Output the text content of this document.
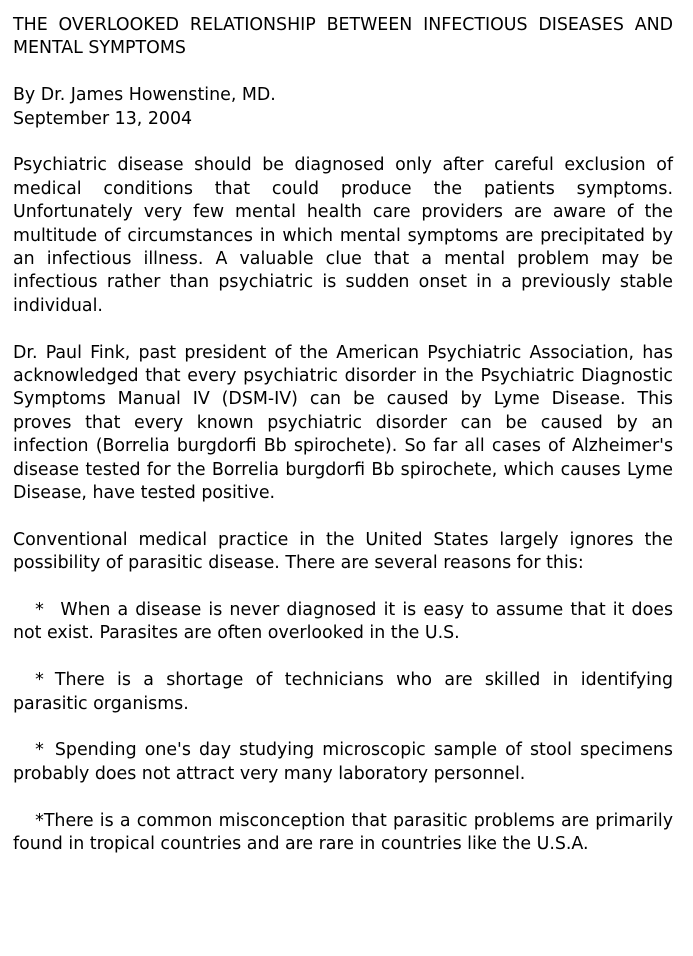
THE OVERLOOKED RELATIONSHIP BETWEEN INFECTIOUS DISEASES AND MENTAL SYMPTOMS
By Dr. James Howenstine, MD.
September 13, 2004

Psychiatric disease should be diagnosed only after careful exclusion of medical conditions that could produce the patients symptoms. Unfortunately very few mental health care providers are aware of the multitude of circumstances in which mental symptoms are precipitated by an infectious illness. A valuable clue that a mental problem may be infectious rather than psychiatric is sudden onset in a previously stable individual.

Dr. Paul Fink, past president of the American Psychiatric Association, has acknowledged that every psychiatric disorder in the Psychiatric Diagnostic Symptoms Manual IV (DSM-IV) can be caused by Lyme Disease. This proves that every known psychiatric disorder can be caused by an infection (Borrelia burgdorfi Bb spirochete). So far all cases of Alzheimer's disease tested for the Borrelia burgdorfi Bb spirochete, which causes Lyme Disease, have tested positive.

Conventional medical practice in the United States largely ignores the possibility of parasitic disease. There are several reasons for this:

*   When a disease is never diagnosed it is easy to assume that it does not exist. Parasites are often overlooked in the U.S.

*  There is a shortage of technicians who are skilled in identifying parasitic organisms.

*  Spending one's day studying microscopic sample of stool specimens probably does not attract very many laboratory personnel.

*There is a common misconception that parasitic problems are primarily found in tropical countries and are rare in countries like the U.S.A.
